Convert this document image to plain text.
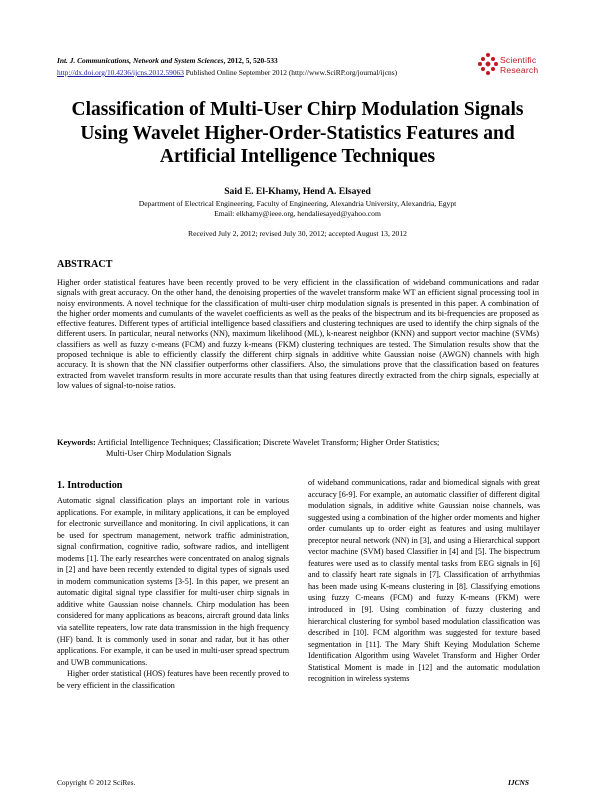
Int. J. Communications, Network and System Sciences, 2012, 5, 520-533
http://dx.doi.org/10.4236/ijcns.2012.59063 Published Online September 2012 (http://www.SciRP.org/journal/ijcns)
Scientific
Research
Classification of Multi-User Chirp Modulation Signals
Using Wavelet Higher-Order-Statistics Features and
Artificial Intelligence Techniques
Said E. El-Khamy, Hend A. Elsayed
Department of Electrical Engineering, Faculty of Engineering, Alexandria University, Alexandria, Egypt
Email: elkhamy@ieee.org, hendaliesayed@yahoo.com
Received July 2, 2012; revised July 30, 2012; accepted August 13, 2012
ABSTRACT
Higher order statistical features have been recently proved to be very efficient in the classification of wideband communications and radar signals with great accuracy. On the other hand, the denoising properties of the wavelet transform make WT an efficient signal processing tool in noisy environments. A novel technique for the classification of multi-user chirp modulation signals is presented in this paper. A combination of the higher order moments and cumulants of the wavelet coefficients as well as the peaks of the bispectrum and its bi-frequencies are proposed as effective features. Different types of artificial intelligence based classifiers and clustering techniques are used to identify the chirp signals of the different users. In particular, neural networks (NN), maximum likelihood (ML), k-nearest neighbor (KNN) and support vector machine (SVMs) classifiers as well as fuzzy c-means (FCM) and fuzzy k-means (FKM) clustering techniques are tested. The Simulation results show that the proposed technique is able to efficiently classify the different chirp signals in additive white Gaussian noise (AWGN) channels with high accuracy. It is shown that the NN classifier outperforms other classifiers. Also, the simulations prove that the classification based on features extracted from wavelet transform results in more accurate results than that using features directly extracted from the chirp signals, especially at low values of signal-to-noise ratios.
Keywords: Artificial Intelligence Techniques; Classification; Discrete Wavelet Transform; Higher Order Statistics;
Multi-User Chirp Modulation Signals
1. Introduction

Automatic signal classification plays an important role in various applications. For example, in military applications, it can be employed for electronic surveillance and monitoring. In civil applications, it can be used for spectrum management, network traffic administration, signal confirmation, cognitive radio, software radios, and intelligent modems [1]. The early researches were concentrated on analog signals in [2] and have been recently extended to digital types of signals used in modern communication systems [3-5]. In this paper, we present an automatic digital signal type classifier for multi-user chirp signals in additive white Gaussian noise channels. Chirp modulation has been considered for many applications as beacons, aircraft ground data links via satellite repeaters, low rate data transmission in the high frequency (HF) band. It is commonly used in sonar and radar, but it has other applications. For example, it can be used in multi-user spread spectrum and UWB communications.

Higher order statistical (HOS) features have been recently proved to be very efficient in the classification

of wideband communications, radar and biomedical signals with great accuracy [6-9]. For example, an automatic classifier of different digital modulation signals, in additive white Gaussian noise channels, was suggested using a combination of the higher order moments and higher order cumulants up to order eight as features and using multilayer preceptor neural network (NN) in [3], and using a Hierarchical support vector machine (SVM) based Classifier in [4] and [5]. The bispectrum features were used as to classify mental tasks from EEG signals in [6] and to classify heart rate signals in [7]. Classification of arrhythmias has been made using K-means clustering in [8]. Classifying emotions using fuzzy C-means (FCM) and fuzzy K-means (FKM) were introduced in [9]. Using combination of fuzzy clustering and hierarchical clustering for symbol based modulation classification was described in [10]. FCM algorithm was suggested for texture based segmentation in [11]. The Mary Shift Keying Modulation Scheme Identification Algorithm using Wavelet Transform and Higher Order Statistical Moment is made in [12] and the automatic modulation recognition in wireless systems

Copyright © 2012 SciRes.	IJCNS
